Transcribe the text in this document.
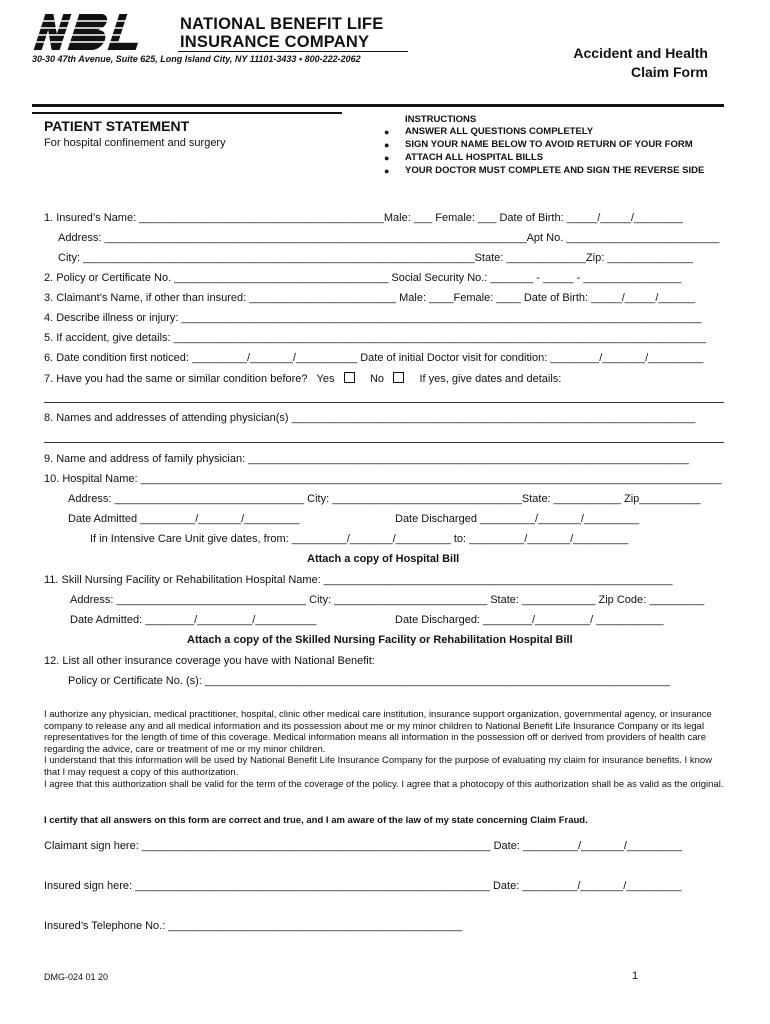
NATIONAL BENEFIT LIFE
INSURANCE COMPANY
30-30 47th Avenue, Suite 625, Long Island City, NY 11101-3433 • 800-222-2062	Accident and Health
Claim Form
PATIENT STATEMENT
For hospital confinement and surgery
INSTRUCTIONS
● ANSWER ALL QUESTIONS COMPLETELY
● SIGN YOUR NAME BELOW TO AVOID RETURN OF YOUR FORM
● ATTACH ALL HOSPITAL BILLS
● YOUR DOCTOR MUST COMPLETE AND SIGN THE REVERSE SIDE
1. Insured’s Name: ________________________________________Male: ___ Female: ___ Date of Birth: _____/_____/________
Address: _____________________________________________________________________Apt No. _________________________
City: ________________________________________________________________State: _____________Zip: ______________
2. Policy or Certificate No. ___________________________________ Social Security No.: _______ - _____ - ________________
3. Claimant’s Name, if other than insured: ________________________ Male: ____Female: ____ Date of Birth: _____/_____/______
4. Describe illness or injury: _____________________________________________________________________________________
5. If accident, give details: _______________________________________________________________________________________
6. Date condition first noticed: _________/_______/__________ Date of initial Doctor visit for condition: ________/_______/_________
7. Have you had the same or similar condition before? Yes	No	If yes, give dates and details:
8. Names and addresses of attending physician(s) __________________________________________________________________
9. Name and address of family physician: ________________________________________________________________________
10. Hospital Name: _______________________________________________________________________________________________
Address: _______________________________ City: _______________________________State: ___________ Zip__________
Date Admitted _________/_______/_________	Date Discharged _________/_______/_________
If in Intensive Care Unit give dates, from: _________/_______/_________ to: _________/_______/_________
Attach a copy of Hospital Bill
11. Skill Nursing Facility or Rehabilitation Hospital Name: _________________________________________________________
Address: _______________________________ City: _________________________ State: ____________ Zip Code: _________
Date Admitted: ________/_________/__________	Date Discharged: ________/_________/ ___________
Attach a copy of the Skilled Nursing Facility or Rehabilitation Hospital Bill
12. List all other insurance coverage you have with National Benefit:
Policy or Certificate No. (s): ____________________________________________________________________________
I authorize any physician, medical practitioner, hospital, clinic other medical care institution, insurance support organization, governmental agency, or insurance company to release any and all medical information and its possession about me or my minor children to National Benefit Life Insurance Company or its legal representatives for the length of time of this coverage. Medical information means all information in the possession off or derived from providers of health care regarding the advice, care or treatment of me or my minor children.
I understand that this information will be used by National Benefit Life Insurance Company for the purpose of evaluating my claim for insurance benefits. I know that I may request a copy of this authorization.
I agree that this authorization shall be valid for the term of the coverage of the policy. I agree that a photocopy of this authorization shall be as valid as the original.
I certify that all answers on this form are correct and true, and I am aware of the law of my state concerning Claim Fraud.
Claimant sign here: _________________________________________________________ Date: _________/_______/_________
Insured sign here: __________________________________________________________ Date: _________/_______/_________
Insured’s Telephone No.: ________________________________________________
DMG-024 01 20	1
